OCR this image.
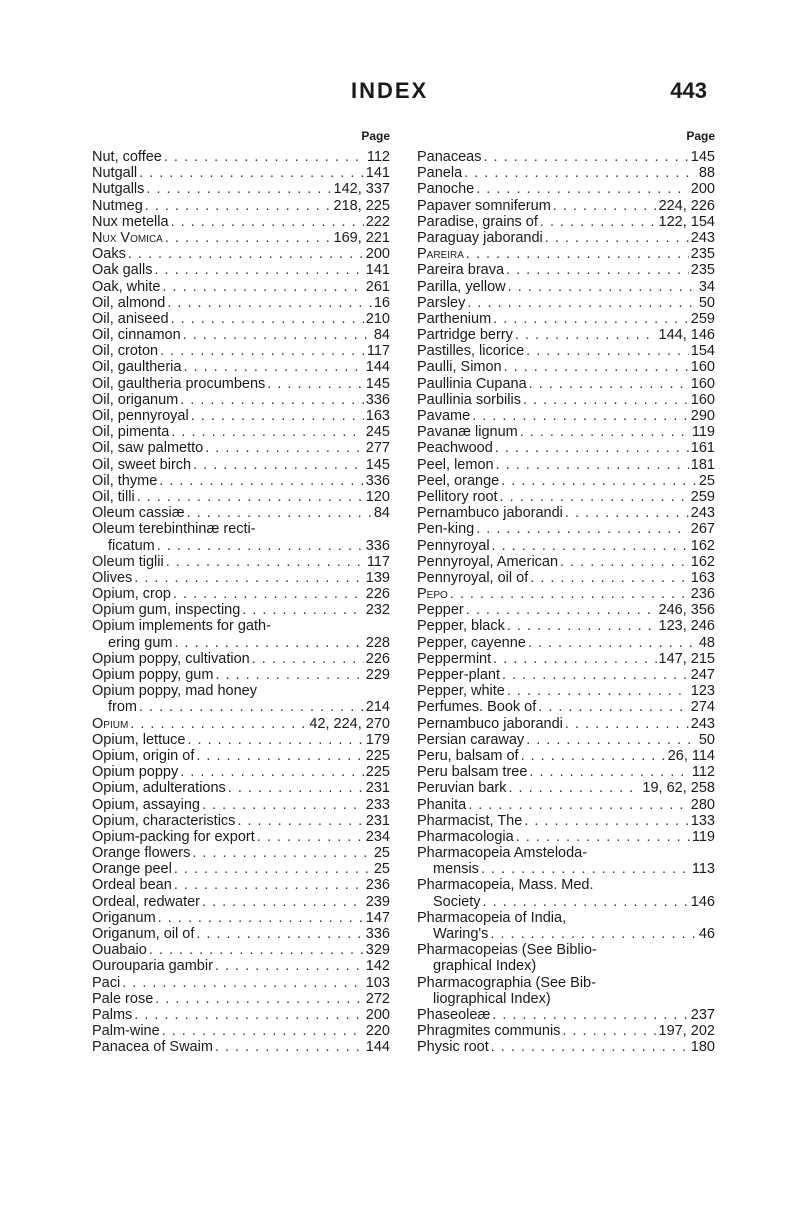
INDEX	443
Page
Nut, coffee . . .	112
Nutgall . . .	141
Nutgalls . . .	142, 337
Nutmeg . . .	218, 225
Nux metella . . .	222
Nux Vomica . . .	169, 221
Oaks . . .	200
Oak galls . . .	141
Oak, white . . .	261
Oil, almond . . .	16
Oil, aniseed . . .	210
Oil, cinnamon . . .	84
Oil, croton . . .	117
Oil, gaultheria . . .	144
Oil, gaultheria procumbens . . .	145
Oil, origanum . . .	336
Oil, pennyroyal . . .	163
Oil, pimenta . . .	245
Oil, saw palmetto . . .	277
Oil, sweet birch . . .	145
Oil, thyme . . .	336
Oil, tilli . . .	120
Oleum cassiæ . . .	84
Oleum terebinthinæ recti-
ficatum . . .	336
Oleum tiglii . . .	117
Olives . . .	139
Opium, crop . . .	226
Opium gum, inspecting . . .	232
Opium implements for gath-
ering gum . . .	228
Opium poppy, cultivation . . .	226
Opium poppy, gum . . .	229
Opium poppy, mad honey
from . . .	214
Opium . . .	42, 224, 270
Opium, lettuce . . .	179
Opium, origin of . . .	225
Opium poppy . . .	225
Opium, adulterations . . .	231
Opium, assaying . . .	233
Opium, characteristics . . .	231
Opium-packing for export . . .	234
Orange flowers . . .	25
Orange peel . . .	25
Ordeal bean . . .	236
Ordeal, redwater . . .	239
Origanum . . .	147
Origanum, oil of . . .	336
Ouabaio . . .	329
Ourouparia gambir . . .	142
Paci . . .	103
Pale rose . . .	272
Palms . . .	200
Palm-wine . . .	220
Panacea of Swaim . . .	144
Page
Panaceas . . .	145
Panela . . .	88
Panoche . . .	200
Papaver somniferum . . .	224, 226
Paradise, grains of . . .	122, 154
Paraguay jaborandi . . .	243
Pareira . . .	235
Pareira brava . . .	235
Parilla, yellow . . .	34
Parsley . . .	50
Parthenium . . .	259
Partridge berry . . .	144, 146
Pastilles, licorice . . .	154
Paulli, Simon . . .	160
Paullinia Cupana . . .	160
Paullinia sorbilis . . .	160
Pavame . . .	290
Pavanæ lignum . . .	119
Peachwood . . .	161
Peel, lemon . . .	181
Peel, orange . . .	25
Pellitory root . . .	259
Pernambuco jaborandi . . .	243
Pen-king . . .	267
Pennyroyal . . .	162
Pennyroyal, American . . .	162
Pennyroyal, oil of . . .	163
Pepo . . .	236
Pepper . . .	246, 356
Pepper, black . . .	123, 246
Pepper, cayenne . . .	48
Peppermint . . .	147, 215
Pepper-plant . . .	247
Pepper, white . . .	123
Perfumes. Book of . . .	274
Pernambuco jaborandi . . .	243
Persian caraway . . .	50
Peru, balsam of . . .	26, 114
Peru balsam tree . . .	112
Peruvian bark . . .	19, 62, 258
Phanita . . .	280
Pharmacist, The . . .	133
Pharmacologia . . .	119
Pharmacopeia Amsteloda-
mensis . . .	113
Pharmacopeia, Mass. Med.
Society . . .	146
Pharmacopeia of India,
Waring's . . .	46
Pharmacopeias (See Biblio-
graphical Index)
Pharmacographia (See Bib-
liographical Index)
Phaseoleæ . . .	237
Phragmites communis . . .	197, 202
Physic root . . .	180
